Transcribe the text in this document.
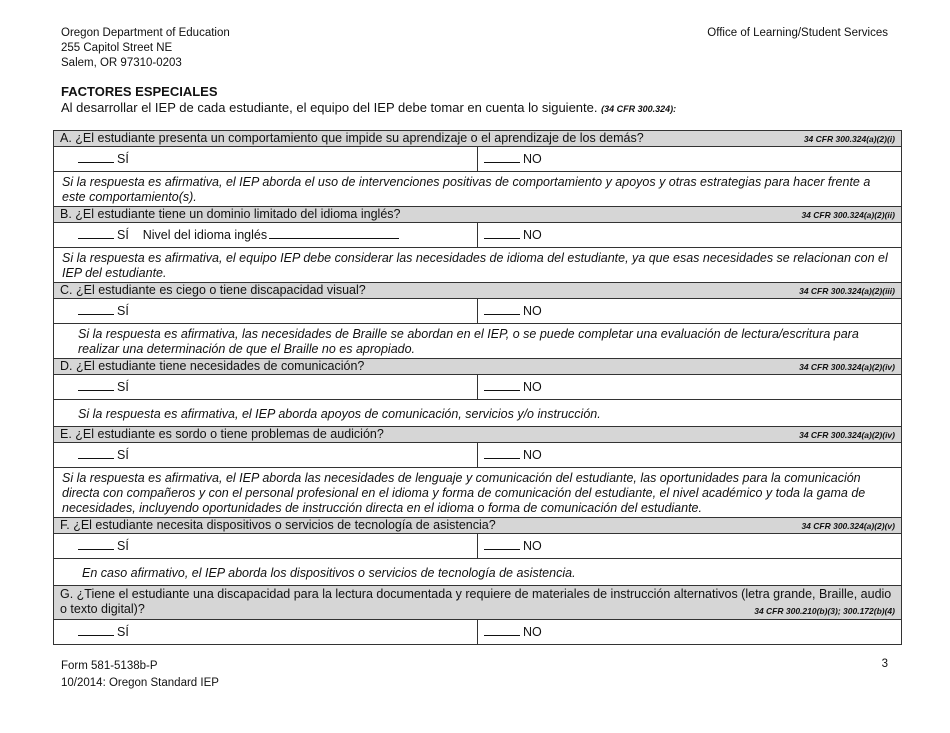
Oregon Department of Education
255 Capitol Street NE
Salem, OR 97310-0203
Office of Learning/Student Services
FACTORES ESPECIALES
Al desarrollar el IEP de cada estudiante, el equipo del IEP debe tomar en cuenta lo siguiente. (34 CFR 300.324):
A. ¿El estudiante presenta un comportamiento que impide su aprendizaje o el aprendizaje de los demás? 34 CFR 300.324(a)(2)(i)	

SÍ	NO
Si la respuesta es afirmativa, el IEP aborda el uso de intervenciones positivas de comportamiento y apoyos y otras estrategias para hacer frente a este comportamiento(s).	

B. ¿El estudiante tiene un dominio limitado del idioma inglés? 34 CFR 300.324(a)(2)(ii)	

SÍ Nivel del idioma inglés	NO
Si la respuesta es afirmativa, el equipo IEP debe considerar las necesidades de idioma del estudiante, ya que esas necesidades se relacionan con el IEP del estudiante.	

C. ¿El estudiante es ciego o tiene discapacidad visual? 34 CFR 300.324(a)(2)(iii)	

SÍ	NO
Si la respuesta es afirmativa, las necesidades de Braille se abordan en el IEP, o se puede completar una evaluación de lectura/escritura para realizar una determinación de que el Braille no es apropiado.	

D. ¿El estudiante tiene necesidades de comunicación? 34 CFR 300.324(a)(2)(iv)	

SÍ	NO
Si la respuesta es afirmativa, el IEP aborda apoyos de comunicación, servicios y/o instrucción.	

E. ¿El estudiante es sordo o tiene problemas de audición? 34 CFR 300.324(a)(2)(iv)	

SÍ	NO
Si la respuesta es afirmativa, el IEP aborda las necesidades de lenguaje y comunicación del estudiante, las oportunidades para la comunicación directa con compañeros y con el personal profesional en el idioma y forma de comunicación del estudiante, el nivel académico y toda la gama de necesidades, incluyendo oportunidades de instrucción directa en el idioma o forma de comunicación del estudiante.	

F. ¿El estudiante necesita dispositivos o servicios de tecnología de asistencia? 34 CFR 300.324(a)(2)(v)	

SÍ	NO
En caso afirmativo, el IEP aborda los dispositivos o servicios de tecnología de asistencia.	
G. ¿Tiene el estudiante una discapacidad para la lectura documentada y requiere de materiales de instrucción alternativos (letra grande, Braille, audio o texto digital)? 34 CFR 300.210(b)(3); 300.172(b)(4)	

SÍ	NO
Form 581-5138b-P
10/2014: Oregon Standard IEP
3
